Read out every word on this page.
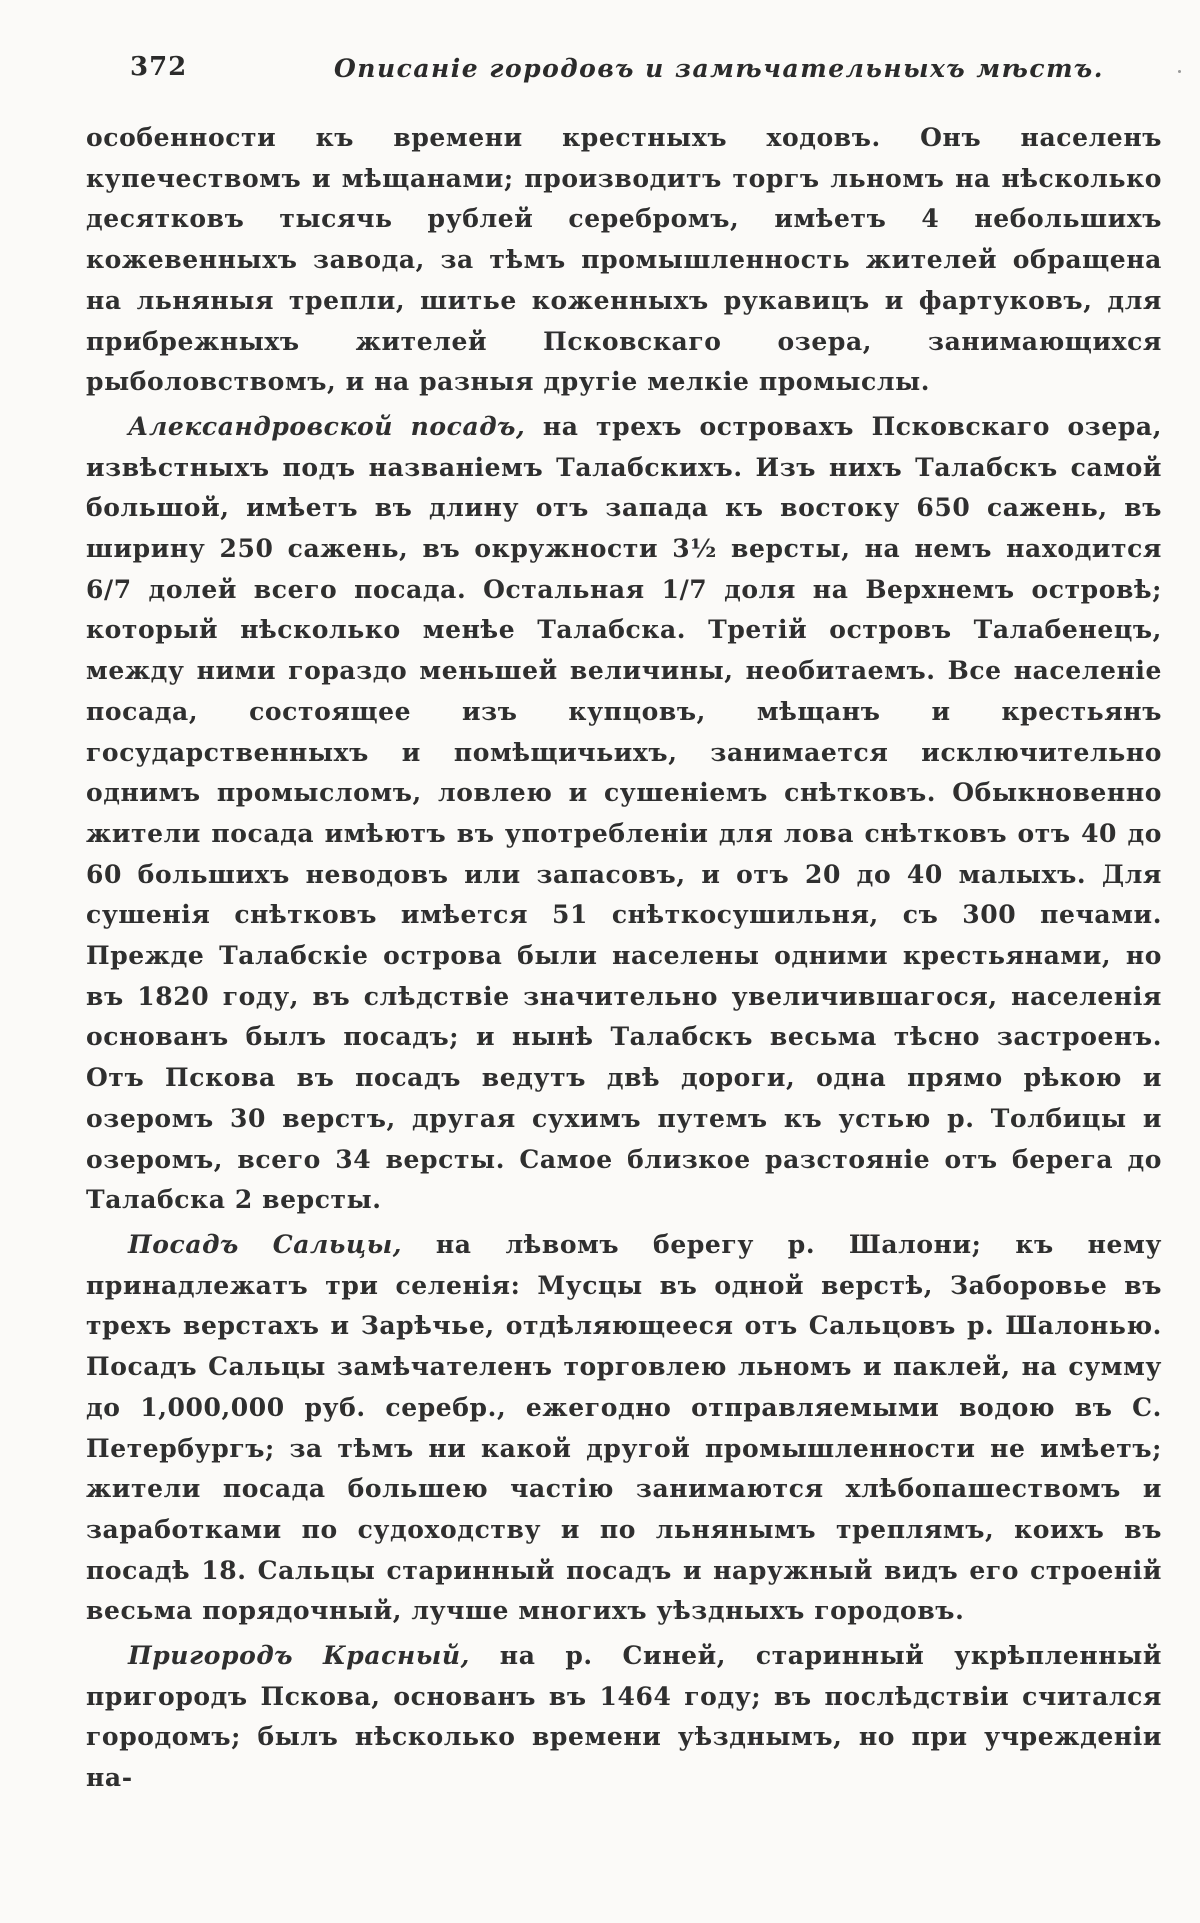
372	Описаніе городовъ и замѣчательныхъ мѣстъ.

особенности къ времени крестныхъ ходовъ. Онъ населенъ купечествомъ и мѣщанами; производитъ торгъ льномъ на нѣсколько десятковъ тысячь рублей серебромъ, имѣетъ 4 небольшихъ кожевенныхъ завода, за тѣмъ промышленность жителей обращена на льняныя трепли, шитье коженныхъ рукавицъ и фартуковъ, для прибрежныхъ жителей Псковскаго озера, занимающихся рыболовствомъ, и на разныя другіе мелкіе промыслы.

Александровской посадъ, на трехъ островахъ Псковскаго озера, извѣстныхъ подъ названіемъ Талабскихъ. Изъ нихъ Талабскъ самой большой, имѣетъ въ длину отъ запада къ востоку 650 сажень, въ ширину 250 сажень, въ окружности 3½ версты, на немъ находится 6/7 долей всего посада. Остальная 1/7 доля на Верхнемъ островѣ; который нѣсколько менѣе Талабска. Третій островъ Талабенецъ, между ними гораздо меньшей величины, необитаемъ. Все населеніе посада, состоящее изъ купцовъ, мѣщанъ и крестьянъ государственныхъ и помѣщичьихъ, занимается исключительно однимъ промысломъ, ловлею и сушеніемъ снѣтковъ. Обыкновенно жители посада имѣютъ въ употребленіи для лова снѣтковъ отъ 40 до 60 большихъ неводовъ или запасовъ, и отъ 20 до 40 малыхъ. Для сушенія снѣтковъ имѣется 51 снѣткосушильня, съ 300 печами. Прежде Талабскіе острова были населены одними крестьянами, но въ 1820 году, въ слѣдствіе значительно увеличившагося, населенія основанъ былъ посадъ; и нынѣ Талабскъ весьма тѣсно застроенъ. Отъ Пскова въ посадъ ведутъ двѣ дороги, одна прямо рѣкою и озеромъ 30 верстъ, другая сухимъ путемъ къ устью р. Толбицы и озеромъ, всего 34 версты. Самое близкое разстояніе отъ берега до Талабска 2 версты.

Посадъ Сальцы, на лѣвомъ берегу р. Шалони; къ нему принадлежатъ три селенія: Мусцы въ одной верстѣ, Заборовье въ трехъ верстахъ и Зарѣчье, отдѣляющееся отъ Сальцовъ р. Шалонью. Посадъ Сальцы замѣчателенъ торговлею льномъ и паклей, на сумму до 1,000,000 руб. серебр., ежегодно отправляемыми водою въ С. Петербургъ; за тѣмъ ни какой другой промышленности не имѣетъ; жители посада большею частію занимаются хлѣбопашествомъ и заработками по судоходству и по льнянымъ треплямъ, коихъ въ посадѣ 18. Сальцы старинный посадъ и наружный видъ его строеній весьма порядочный, лучше многихъ уѣздныхъ городовъ.

Пригородъ Красный, на р. Синей, старинный укрѣпленный пригородъ Пскова, основанъ въ 1464 году; въ послѣдствіи считался городомъ; былъ нѣсколько времени уѣзднымъ, но при учрежденіи на-
